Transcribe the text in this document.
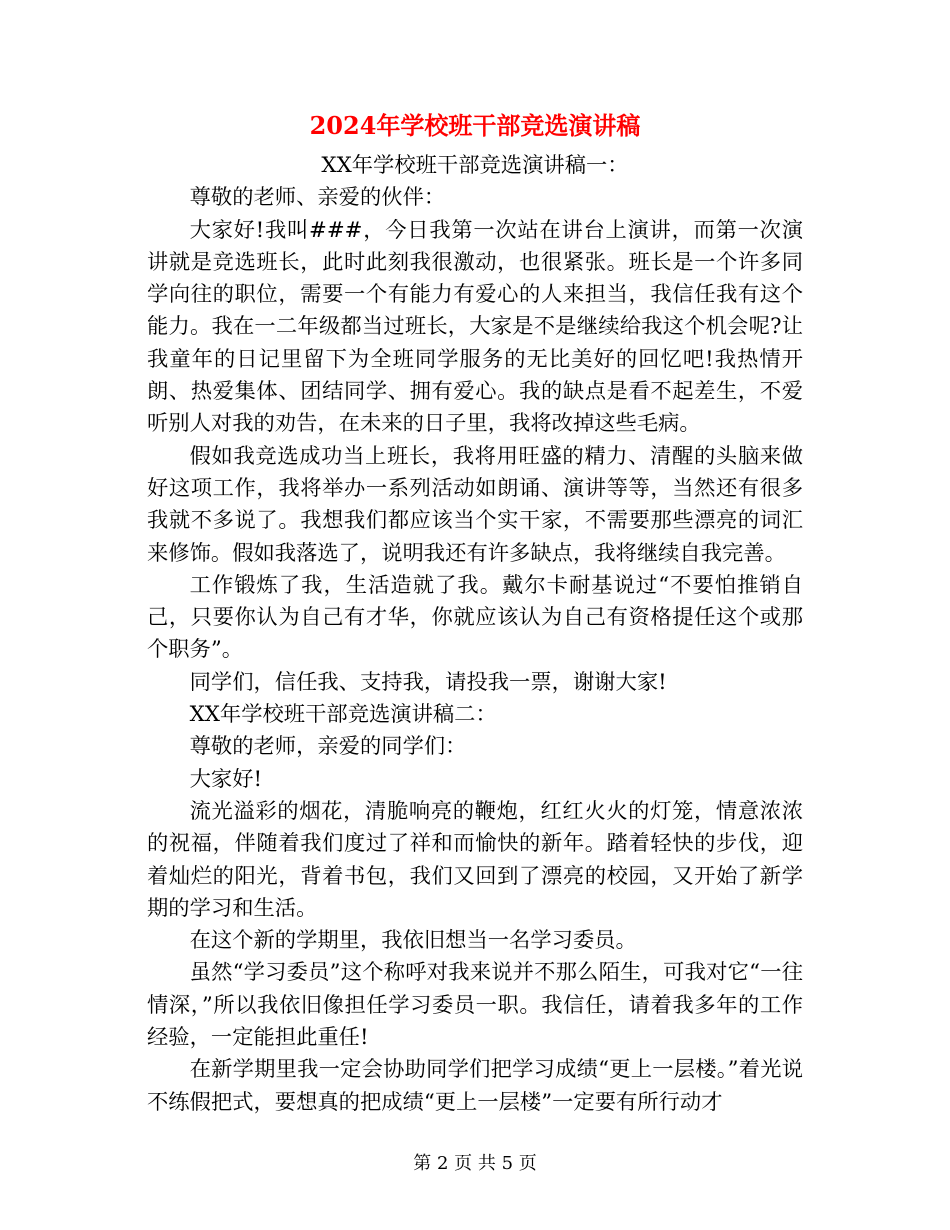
2024年学校班干部竞选演讲稿

XX年学校班干部竞选演讲稿一：

尊敬的老师、亲爱的伙伴：

大家好!我叫###，今日我第一次站在讲台上演讲，而第一次演讲就是竞选班长，此时此刻我很激动，也很紧张。班长是一个许多同学向往的职位，需要一个有能力有爱心的人来担当，我信任我有这个能力。我在一二年级都当过班长，大家是不是继续给我这个机会呢?让我童年的日记里留下为全班同学服务的无比美好的回忆吧!我热情开朗、热爱集体、团结同学、拥有爱心。我的缺点是看不起差生，不爱听别人对我的劝告，在未来的日子里，我将改掉这些毛病。

假如我竞选成功当上班长，我将用旺盛的精力、清醒的头脑来做好这项工作，我将举办一系列活动如朗诵、演讲等等，当然还有很多我就不多说了。我想我们都应该当个实干家，不需要那些漂亮的词汇来修饰。假如我落选了，说明我还有许多缺点，我将继续自我完善。

工作锻炼了我，生活造就了我。戴尔卡耐基说过“不要怕推销自己，只要你认为自己有才华，你就应该认为自己有资格提任这个或那个职务”。

同学们，信任我、支持我，请投我一票，谢谢大家!

XX年学校班干部竞选演讲稿二：

尊敬的老师，亲爱的同学们：

大家好!

流光溢彩的烟花，清脆响亮的鞭炮，红红火火的灯笼，情意浓浓的祝福，伴随着我们度过了祥和而愉快的新年。踏着轻快的步伐，迎着灿烂的阳光，背着书包，我们又回到了漂亮的校园，又开始了新学期的学习和生活。

在这个新的学期里，我依旧想当一名学习委员。

虽然“学习委员”这个称呼对我来说并不那么陌生，可我对它“一往情深，”所以我依旧像担任学习委员一职。我信任，请着我多年的工作经验，一定能担此重任!

在新学期里我一定会协助同学们把学习成绩“更上一层楼。”着光说不练假把式，要想真的把成绩“更上一层楼”一定要有所行动才

第 2 页 共 5 页
